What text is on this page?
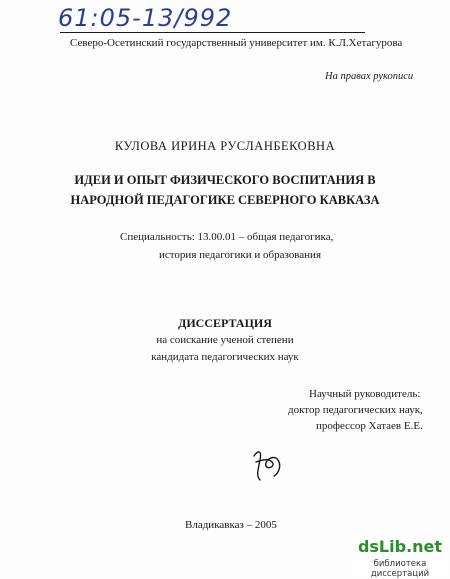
61:05-13/992
Северо-Осетинский государственный университет им. К.Л.Хетагурова
На правах рукописи
КУЛОВА ИРИНА РУСЛАНБЕКОВНА
ИДЕИ И ОПЫТ ФИЗИЧЕСКОГО ВОСПИТАНИЯ В
НАРОДНОЙ ПЕДАГОГИКЕ СЕВЕРНОГО КАВКАЗА
Специальность: 13.00.01 – общая педагогика,
история педагогики и образования
ДИССЕРТАЦИЯ
на соискание ученой степени
кандидата педагогических наук
Научный руководитель:
доктор педагогических наук,
профессор Хатаев Е.Е.
Владикавказ – 2005
dsLib.net
библиотека диссертаций
